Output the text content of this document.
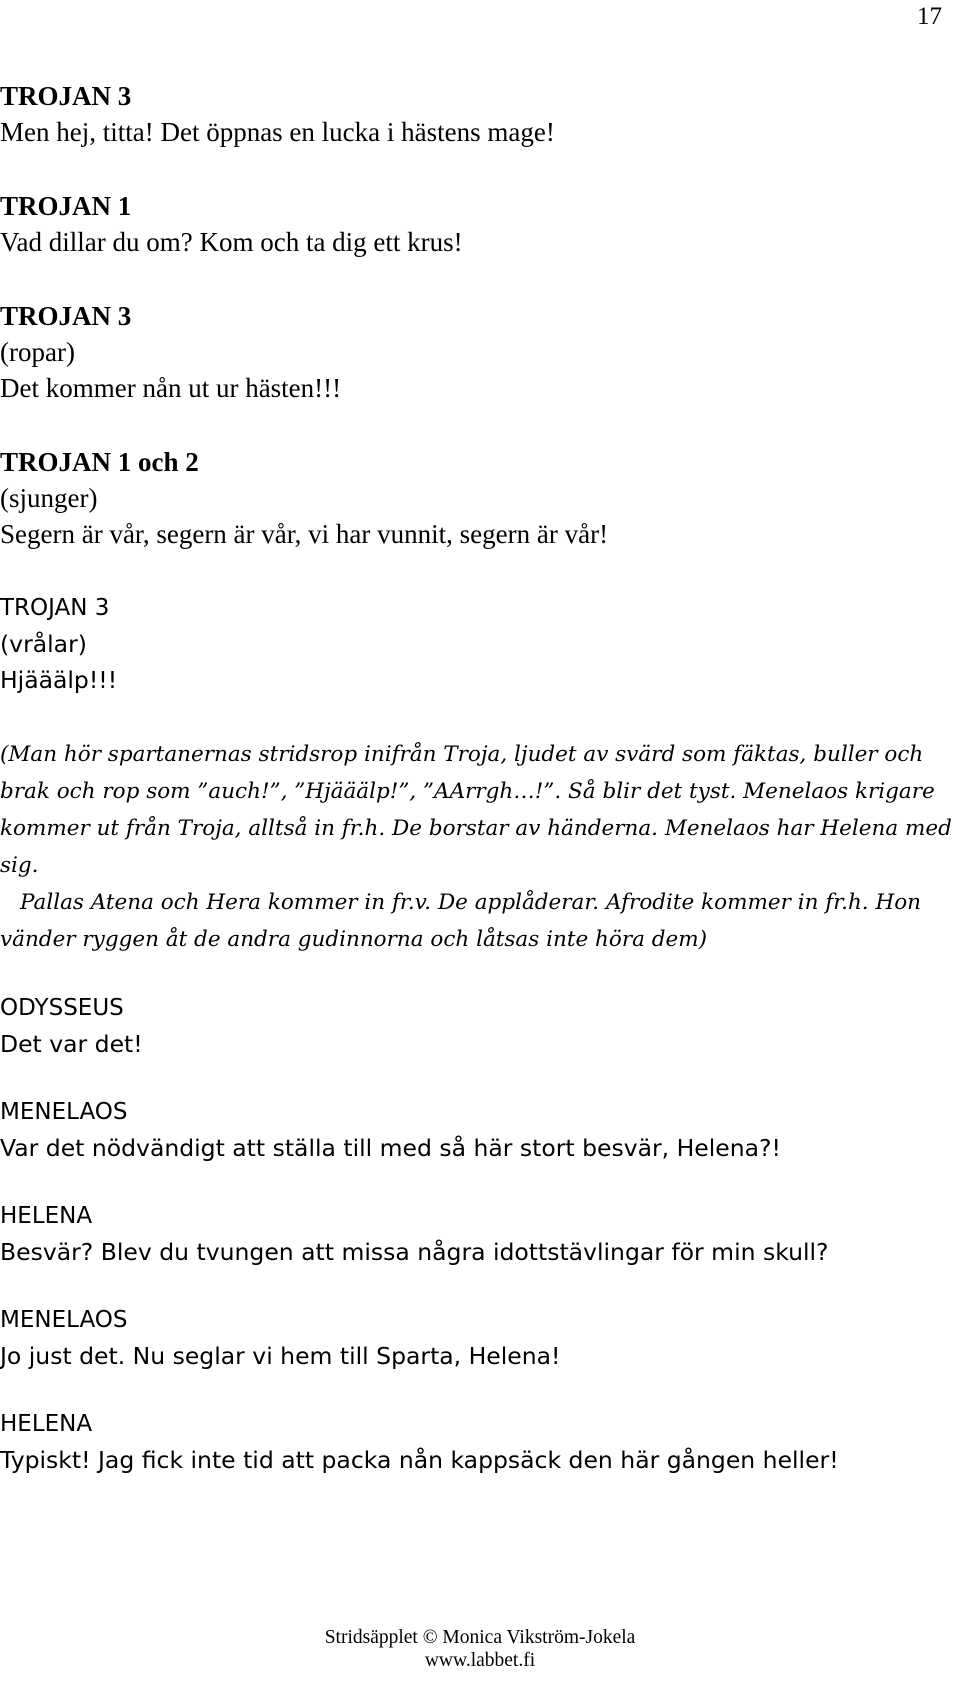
17
TROJAN 3
Men hej, titta! Det öppnas en lucka i hästens mage!
TROJAN 1
Vad dillar du om? Kom och ta dig ett krus!
TROJAN 3
(ropar)
Det kommer nån ut ur hästen!!!
TROJAN 1 och 2
(sjunger)
Segern är vår, segern är vår, vi har vunnit, segern är vår!
TROJAN 3
(vrålar)
Hjääälp!!!
(Man hör spartanernas stridsrop inifrån Troja, ljudet av svärd som fäktas, buller och
brak och rop som ”auch!”, ”Hjääälp!”, ”AArrgh…!”. Så blir det tyst. Menelaos krigare
kommer ut från Troja, alltså in fr.h. De borstar av händerna. Menelaos har Helena med
sig.
Pallas Atena och Hera kommer in fr.v. De applåderar. Afrodite kommer in fr.h. Hon
vänder ryggen åt de andra gudinnorna och låtsas inte höra dem)
ODYSSEUS
Det var det!
MENELAOS
Var det nödvändigt att ställa till med så här stort besvär, Helena?!
HELENA
Besvär? Blev du tvungen att missa några idottstävlingar för min skull?
MENELAOS
Jo just det. Nu seglar vi hem till Sparta, Helena!
HELENA
Typiskt! Jag fick inte tid att packa nån kappsäck den här gången heller!
Stridsäpplet © Monica Vikström-Jokela
www.labbet.fi
